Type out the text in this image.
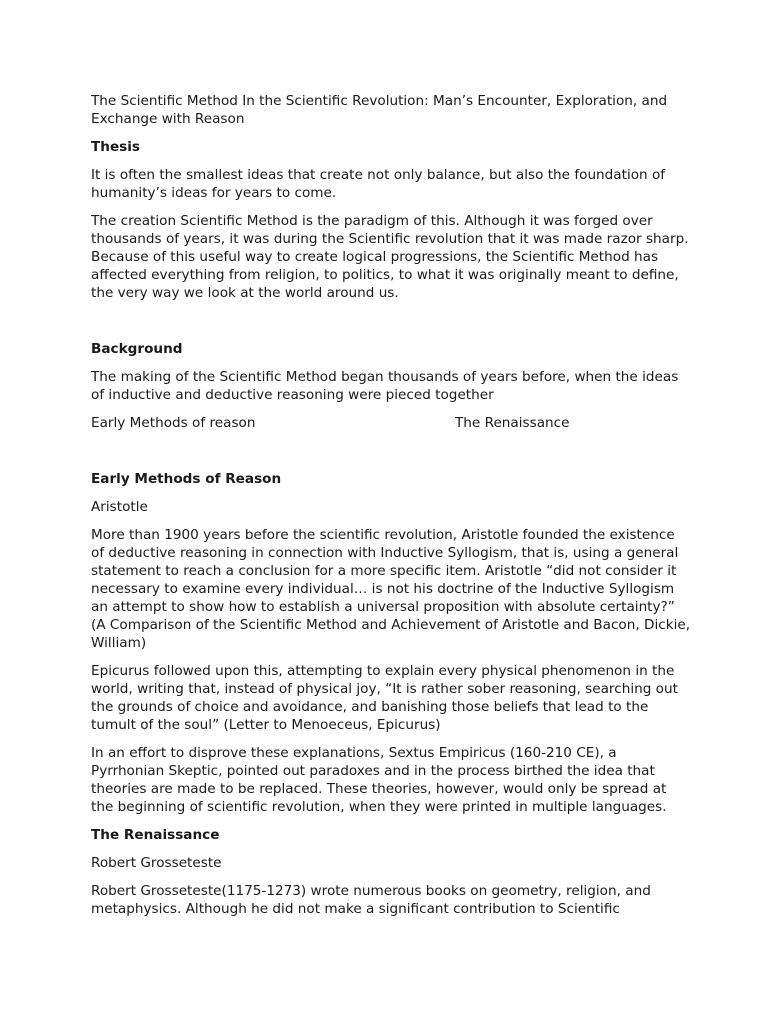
The Scientific Method In the Scientific Revolution: Man’s Encounter, Exploration, and Exchange with Reason

Thesis

It is often the smallest ideas that create not only balance, but also the foundation of humanity’s ideas for years to come.

The creation Scientific Method is the paradigm of this. Although it was forged over thousands of years, it was during the Scientific revolution that it was made razor sharp. Because of this useful way to create logical progressions, the Scientific Method has affected everything from religion, to politics, to what it was originally meant to define, the very way we look at the world around us.

Background

The making of the Scientific Method began thousands of years before, when the ideas of inductive and deductive reasoning were pieced together

Early Methods of reason	The Renaissance

Early Methods of Reason

Aristotle

More than 1900 years before the scientific revolution, Aristotle founded the existence of deductive reasoning in connection with Inductive Syllogism, that is, using a general statement to reach a conclusion for a more specific item. Aristotle “did not consider it necessary to examine every individual… is not his doctrine of the Inductive Syllogism an attempt to show how to establish a universal proposition with absolute certainty?” (A Comparison of the Scientific Method and Achievement of Aristotle and Bacon, Dickie, William)

Epicurus followed upon this, attempting to explain every physical phenomenon in the world, writing that, instead of physical joy, “It is rather sober reasoning, searching out the grounds of choice and avoidance, and banishing those beliefs that lead to the tumult of the soul” (Letter to Menoeceus, Epicurus)

In an effort to disprove these explanations, Sextus Empiricus (160-210 CE), a Pyrrhonian Skeptic, pointed out paradoxes and in the process birthed the idea that theories are made to be replaced. These theories, however, would only be spread at the beginning of scientific revolution, when they were printed in multiple languages.

The Renaissance

Robert Grosseteste

Robert Grosseteste(1175-1273) wrote numerous books on geometry, religion, and metaphysics. Although he did not make a significant contribution to Scientific
